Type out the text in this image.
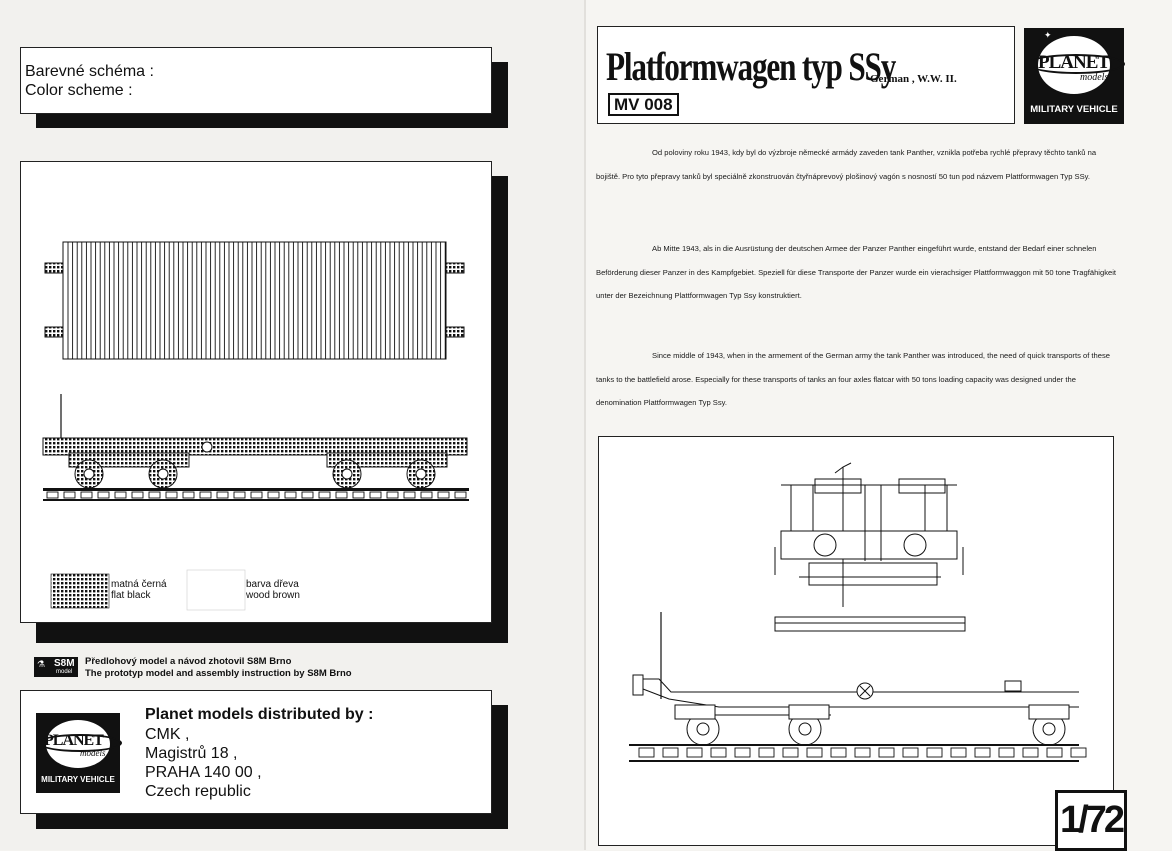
Barevné schéma :
Color scheme :
matná černá
flat black
barva dřeva
wood brown
⚗ S8M
model
Předlohový model a návod zhotovil S8M Brno
The prototyp model and assembly instruction by S8M Brno
PLANET
models
MILITARY VEHICLE
Planet models distributed by :
CMK ,
Magistrů 18 ,
PRAHA 140 00 ,
Czech republic
Platformwagen typ SSy
German , W.W. II.
MV 008
✦
PLANET
models
MILITARY VEHICLE
Od poloviny roku 1943, kdy byl do výzbroje německé armády zaveden tank Panther, vznikla potřeba rychlé přepravy těchto tanků na bojiště. Pro tyto přepravy tanků byl speciálně zkonstruován čtyřnáprevový plošinový vagón s nosností 50 tun pod názvem Plattformwagen Typ SSy.
Ab Mitte 1943, als in die Ausrüstung der deutschen Armee der Panzer Panther eingeführt wurde, entstand der Bedarf einer schnelen Beförderung dieser Panzer in des Kampfgebiet. Speziell für diese Transporte der Panzer wurde ein vierachsiger Plattformwaggon mit 50 tone Tragfähigkeit unter der Bezeichnung Plattformwagen Typ Ssy konstruktiert.
Since middle of 1943, when in the armement of the German army the tank Panther was introduced, the need of quick transports of these tanks to the battlefield arose. Especially for these transports of tanks an four axles flatcar with 50 tons loading capacity was designed under the denomination Plattformwagen Typ Ssy.
1/72
